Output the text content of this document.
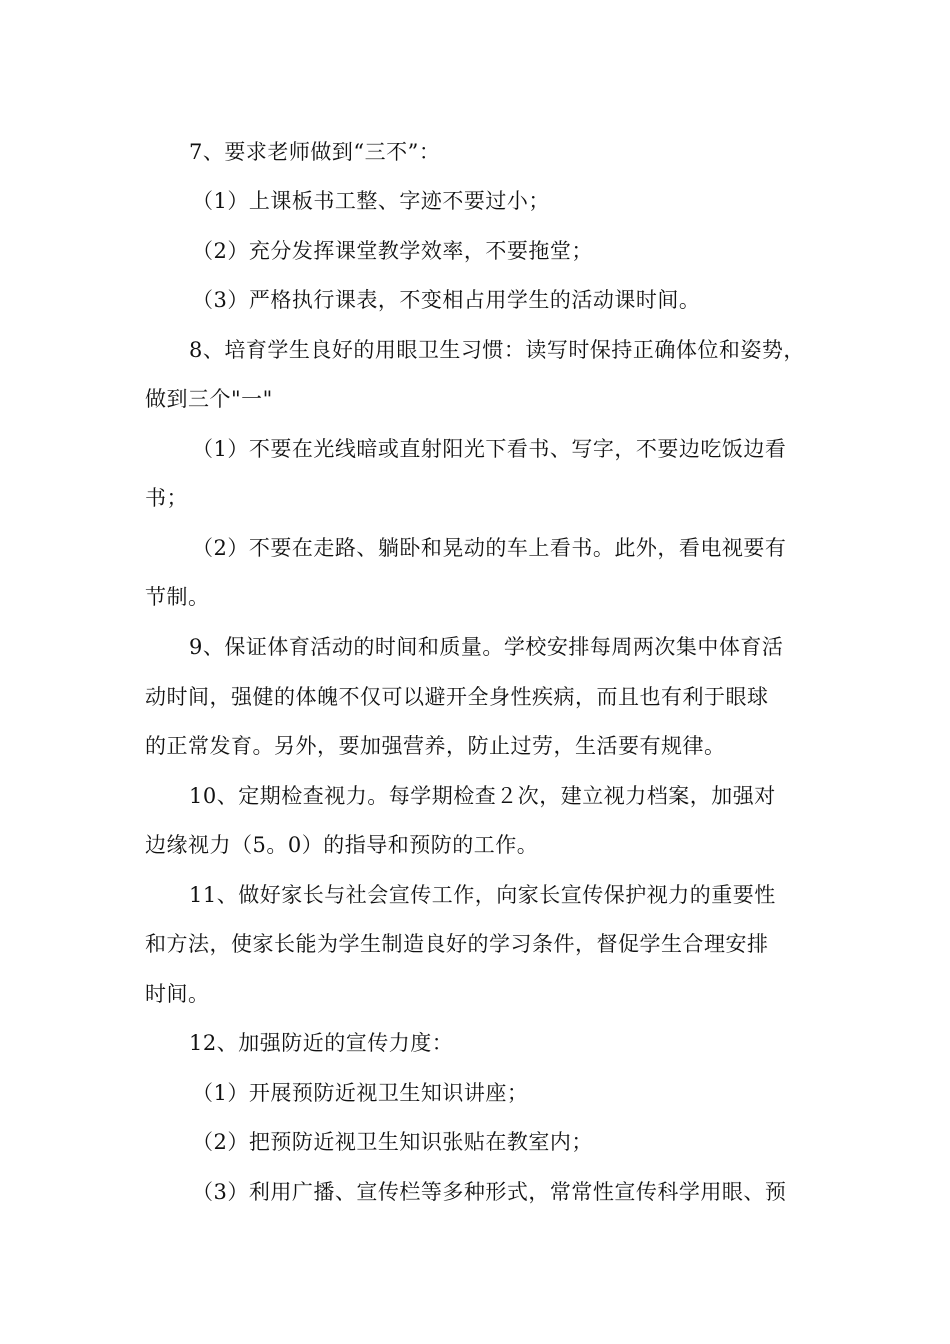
7、要求老师做到“三不”：
（1）上课板书工整、字迹不要过小；
（2）充分发挥课堂教学效率，不要拖堂；
（3）严格执行课表，不变相占用学生的活动课时间。
8、培育学生良好的用眼卫生习惯：读写时保持正确体位和姿势，
做到三个"一"
（1）不要在光线暗或直射阳光下看书、写字，不要边吃饭边看
书；
（2）不要在走路、躺卧和晃动的车上看书。此外，看电视要有
节制。
9、保证体育活动的时间和质量。学校安排每周两次集中体育活
动时间，强健的体魄不仅可以避开全身性疾病，而且也有利于眼球
的正常发育。另外，要加强营养，防止过劳，生活要有规律。
10、定期检查视力。每学期检查２次，建立视力档案，加强对
边缘视力（5。0）的指导和预防的工作。
11、做好家长与社会宣传工作，向家长宣传保护视力的重要性
和方法，使家长能为学生制造良好的学习条件，督促学生合理安排
时间。
12、加强防近的宣传力度：
（1）开展预防近视卫生知识讲座；
（2）把预防近视卫生知识张贴在教室内；
（3）利用广播、宣传栏等多种形式，常常性宣传科学用眼、预
